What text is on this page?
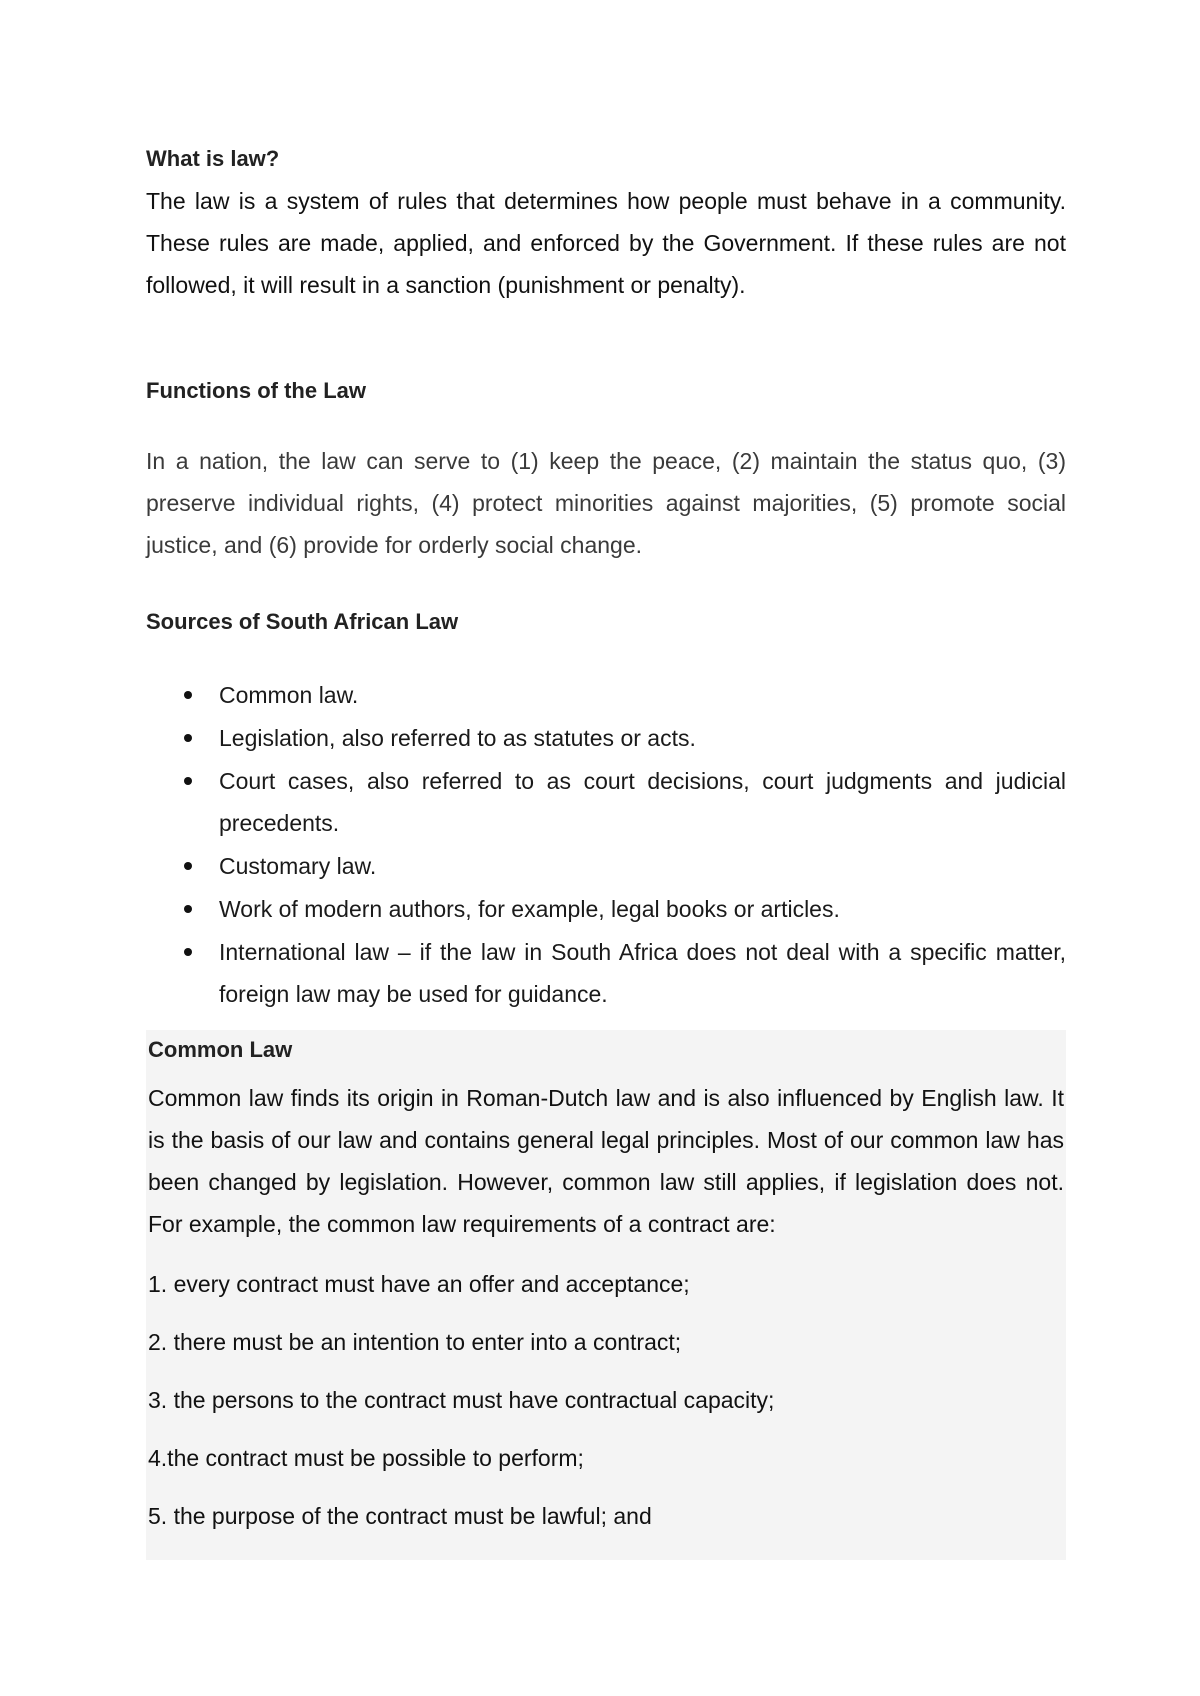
What is law?

The law is a system of rules that determines how people must behave in a community. These rules are made, applied, and enforced by the Government. If these rules are not followed, it will result in a sanction (punishment or penalty).

Functions of the Law

In a nation, the law can serve to (1) keep the peace, (2) maintain the status quo, (3) preserve individual rights, (4) protect minorities against majorities, (5) promote social justice, and (6) provide for orderly social change.

Sources of South African Law

Common law.
Legislation, also referred to as statutes or acts.
Court cases, also referred to as court decisions, court judgments and judicial precedents.
Customary law.
Work of modern authors, for example, legal books or articles.
International law – if the law in South Africa does not deal with a specific matter, foreign law may be used for guidance.

Common Law

Common law finds its origin in Roman-Dutch law and is also influenced by English law. It is the basis of our law and contains general legal principles. Most of our common law has been changed by legislation. However, common law still applies, if legislation does not. For example, the common law requirements of a contract are:

1. every contract must have an offer and acceptance;

2. there must be an intention to enter into a contract;

3. the persons to the contract must have contractual capacity;

4.the contract must be possible to perform;

5. the purpose of the contract must be lawful; and
